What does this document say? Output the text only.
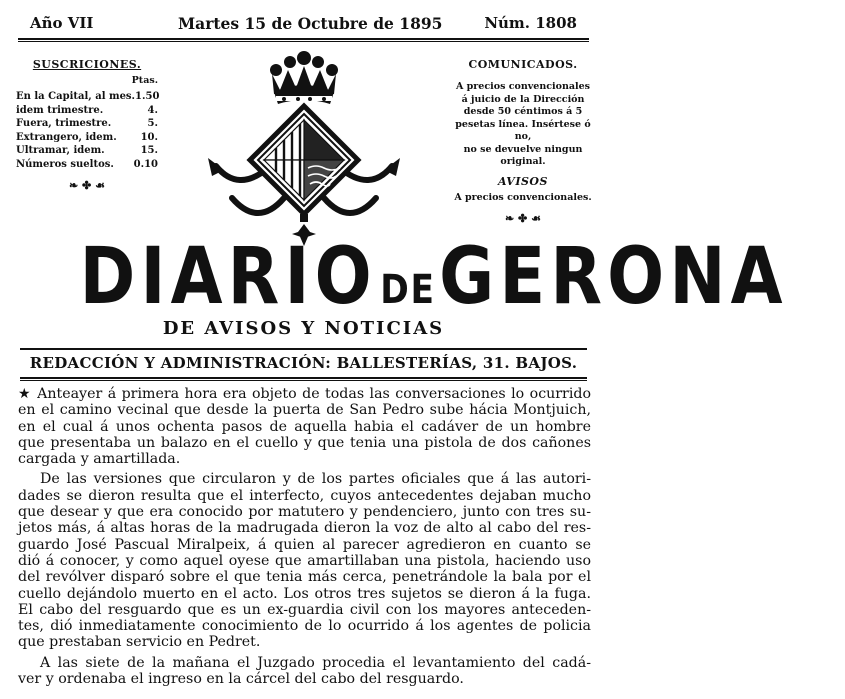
Año VII	Martes 15 de Octubre de 1895	Núm. 1808
SUSCRICIONES.
Ptas.
En la Capital, al mes. 1.50
idem trimestre.	4.
Fuera, trimestre.	5.
Extrangero, idem. 10.
Ultramar, idem.	15.
Números sueltos. 0.10
❧ ✤ ☙
COMUNICADOS.

A precios convencionales á juicio de la Dirección

desde 50 céntimos á 5 pesetas línea. Insértese ó no,

no se devuelve ningun original.

AVISOS

A precios convencionales.

❧ ✤ ☙
DIARIODEGERONA
DE AVISOS Y NOTICIAS
REDACCIÓN Y ADMINISTRACIÓN: BALLESTERÍAS, 31. BAJOS.
★ Anteayer á primera hora era objeto de todas las conversaciones lo ocurrido
en el camino vecinal que desde la puerta de San Pedro sube hácia Montjuich,
en el cual á unos ochenta pasos de aquella habia el cadáver de un hombre
que presentaba un balazo en el cuello y que tenia una pistola de dos cañones
cargada y amartillada.
De las versiones que circularon y de los partes oficiales que á las autori-
dades se dieron resulta que el interfecto, cuyos antecedentes dejaban mucho
que desear y que era conocido por matutero y pendenciero, junto con tres su-
jetos más, á altas horas de la madrugada dieron la voz de alto al cabo del res-
guardo José Pascual Miralpeix, á quien al parecer agredieron en cuanto se
dió á conocer, y como aquel oyese que amartillaban una pistola, haciendo uso
del revólver disparó sobre el que tenia más cerca, penetrándole la bala por el
cuello dejándolo muerto en el acto. Los otros tres sujetos se dieron á la fuga.
El cabo del resguardo que es un ex-guardia civil con los mayores anteceden-
tes, dió inmediatamente conocimiento de lo ocurrido á los agentes de policia
que prestaban servicio en Pedret.
A las siete de la mañana el Juzgado procedia el levantamiento del cadá-
ver y ordenaba el ingreso en la cárcel del cabo del resguardo.
